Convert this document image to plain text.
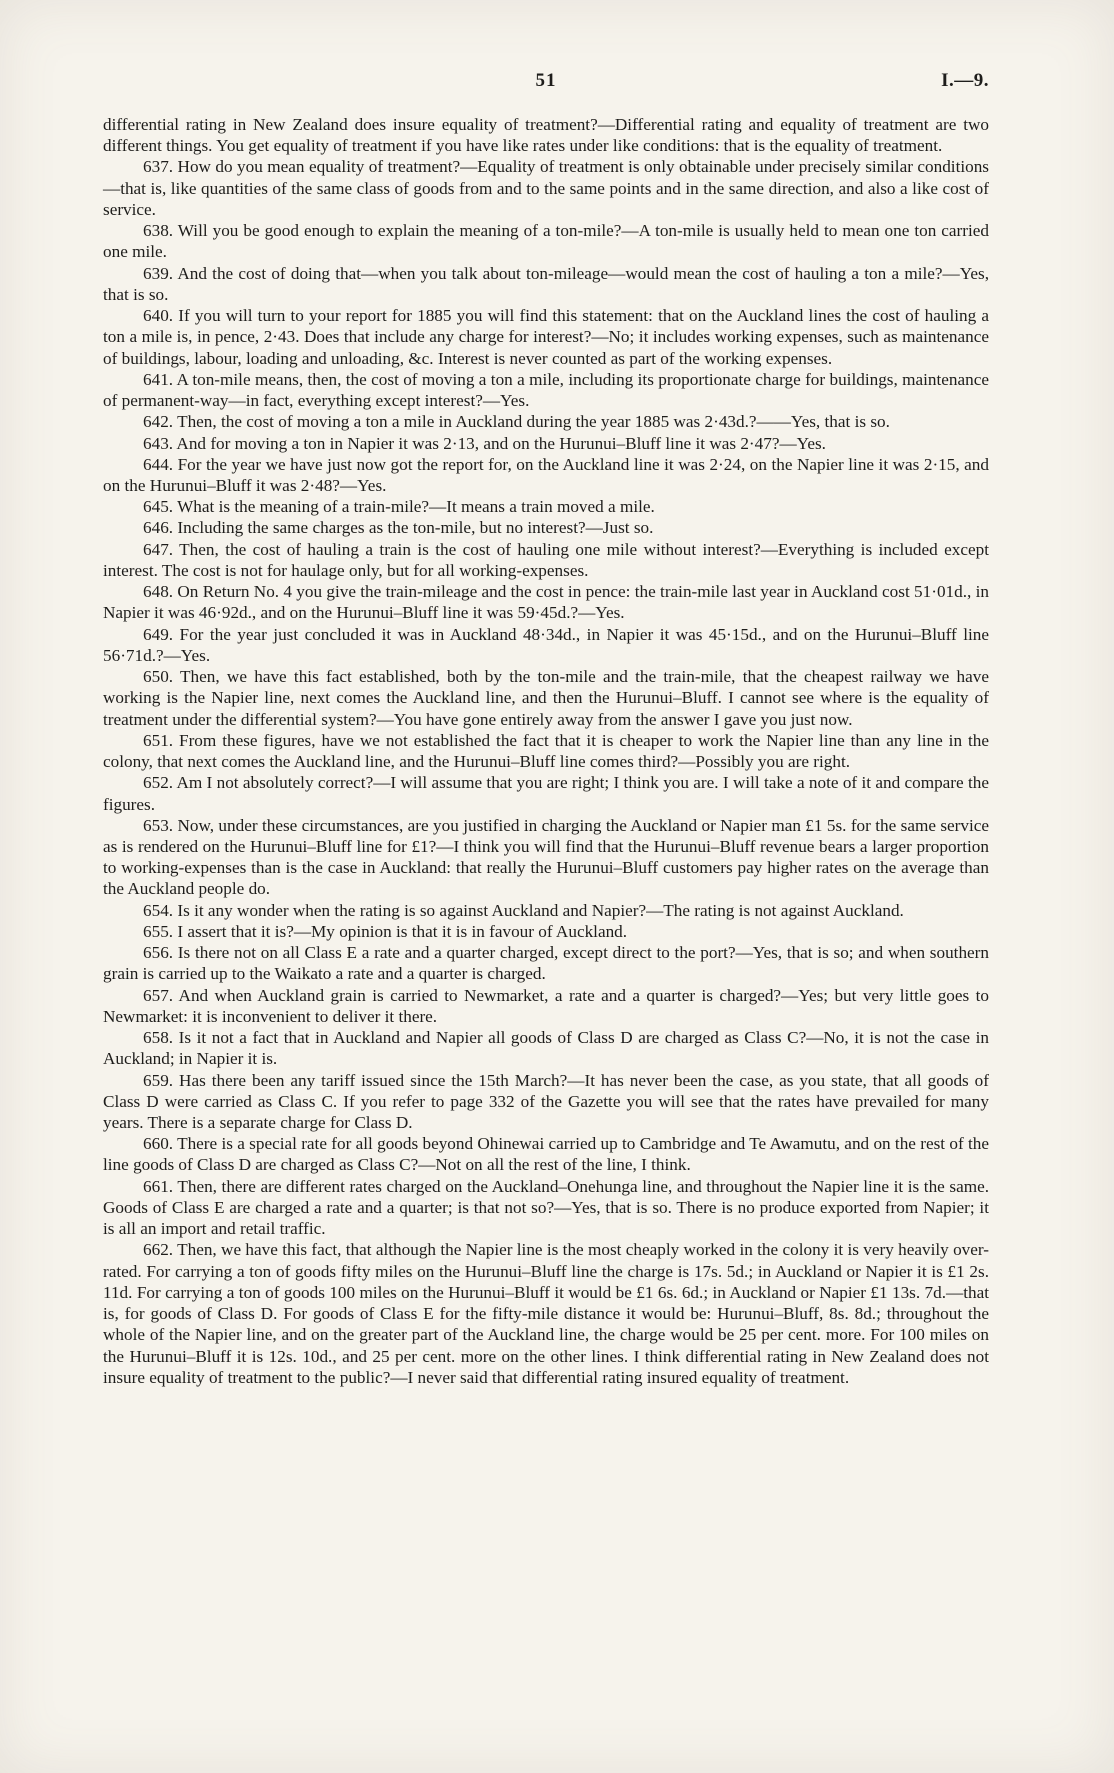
51	I.—9.

differential rating in New Zealand does insure equality of treatment?—Differential rating and equality of treatment are two different things. You get equality of treatment if you have like rates under like conditions: that is the equality of treatment.

637. How do you mean equality of treatment?—Equality of treatment is only obtainable under precisely similar conditions—that is, like quantities of the same class of goods from and to the same points and in the same direction, and also a like cost of service.

638. Will you be good enough to explain the meaning of a ton-mile?—A ton-mile is usually held to mean one ton carried one mile.

639. And the cost of doing that—when you talk about ton-mileage—would mean the cost of hauling a ton a mile?—Yes, that is so.

640. If you will turn to your report for 1885 you will find this statement: that on the Auckland lines the cost of hauling a ton a mile is, in pence, 2·43. Does that include any charge for interest?—No; it includes working expenses, such as maintenance of buildings, labour, loading and unloading, &c. Interest is never counted as part of the working expenses.

641. A ton-mile means, then, the cost of moving a ton a mile, including its proportionate charge for buildings, maintenance of permanent-way—in fact, everything except interest?—Yes.

642. Then, the cost of moving a ton a mile in Auckland during the year 1885 was 2·43d.?——Yes, that is so.

643. And for moving a ton in Napier it was 2·13, and on the Hurunui–Bluff line it was 2·47?—Yes.

644. For the year we have just now got the report for, on the Auckland line it was 2·24, on the Napier line it was 2·15, and on the Hurunui–Bluff it was 2·48?—Yes.

645. What is the meaning of a train-mile?—It means a train moved a mile.

646. Including the same charges as the ton-mile, but no interest?—Just so.

647. Then, the cost of hauling a train is the cost of hauling one mile without interest?—Everything is included except interest. The cost is not for haulage only, but for all working-expenses.

648. On Return No. 4 you give the train-mileage and the cost in pence: the train-mile last year in Auckland cost 51·01d., in Napier it was 46·92d., and on the Hurunui–Bluff line it was 59·45d.?—Yes.

649. For the year just concluded it was in Auckland 48·34d., in Napier it was 45·15d., and on the Hurunui–Bluff line 56·71d.?—Yes.

650. Then, we have this fact established, both by the ton-mile and the train-mile, that the cheapest railway we have working is the Napier line, next comes the Auckland line, and then the Hurunui–Bluff. I cannot see where is the equality of treatment under the differential system?—You have gone entirely away from the answer I gave you just now.

651. From these figures, have we not established the fact that it is cheaper to work the Napier line than any line in the colony, that next comes the Auckland line, and the Hurunui–Bluff line comes third?—Possibly you are right.

652. Am I not absolutely correct?—I will assume that you are right; I think you are. I will take a note of it and compare the figures.

653. Now, under these circumstances, are you justified in charging the Auckland or Napier man £1 5s. for the same service as is rendered on the Hurunui–Bluff line for £1?—I think you will find that the Hurunui–Bluff revenue bears a larger proportion to working-expenses than is the case in Auckland: that really the Hurunui–Bluff customers pay higher rates on the average than the Auckland people do.

654. Is it any wonder when the rating is so against Auckland and Napier?—The rating is not against Auckland.

655. I assert that it is?—My opinion is that it is in favour of Auckland.

656. Is there not on all Class E a rate and a quarter charged, except direct to the port?—Yes, that is so; and when southern grain is carried up to the Waikato a rate and a quarter is charged.

657. And when Auckland grain is carried to Newmarket, a rate and a quarter is charged?—Yes; but very little goes to Newmarket: it is inconvenient to deliver it there.

658. Is it not a fact that in Auckland and Napier all goods of Class D are charged as Class C?—No, it is not the case in Auckland; in Napier it is.

659. Has there been any tariff issued since the 15th March?—It has never been the case, as you state, that all goods of Class D were carried as Class C. If you refer to page 332 of the Gazette you will see that the rates have prevailed for many years. There is a separate charge for Class D.

660. There is a special rate for all goods beyond Ohinewai carried up to Cambridge and Te Awamutu, and on the rest of the line goods of Class D are charged as Class C?—Not on all the rest of the line, I think.

661. Then, there are different rates charged on the Auckland–Onehunga line, and throughout the Napier line it is the same. Goods of Class E are charged a rate and a quarter; is that not so?—Yes, that is so. There is no produce exported from Napier; it is all an import and retail traffic.

662. Then, we have this fact, that although the Napier line is the most cheaply worked in the colony it is very heavily over-rated. For carrying a ton of goods fifty miles on the Hurunui–Bluff line the charge is 17s. 5d.; in Auckland or Napier it is £1 2s. 11d. For carrying a ton of goods 100 miles on the Hurunui–Bluff it would be £1 6s. 6d.; in Auckland or Napier £1 13s. 7d.—that is, for goods of Class D. For goods of Class E for the fifty-mile distance it would be: Hurunui–Bluff, 8s. 8d.; throughout the whole of the Napier line, and on the greater part of the Auckland line, the charge would be 25 per cent. more. For 100 miles on the Hurunui–Bluff it is 12s. 10d., and 25 per cent. more on the other lines. I think differential rating in New Zealand does not insure equality of treatment to the public?—I never said that differential rating insured equality of treatment.
